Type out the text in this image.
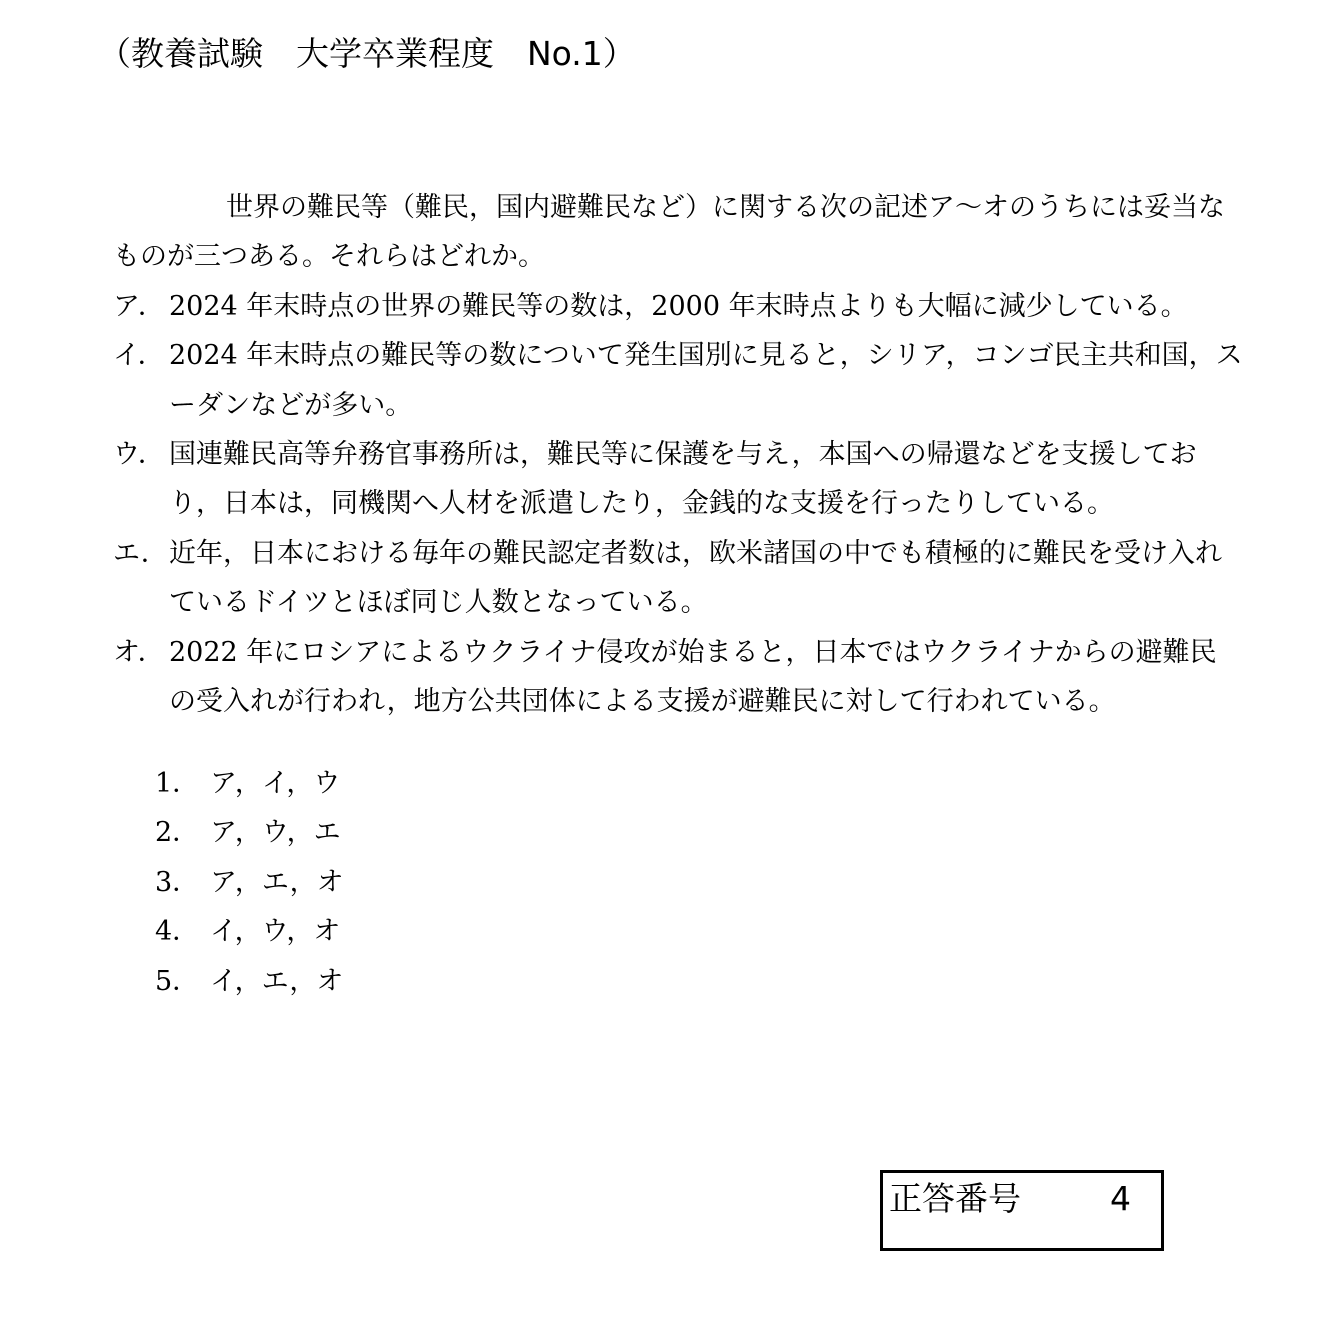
（教養試験　大学卒業程度　No.1）

世界の難民等（難民，国内避難民など）に関する次の記述ア～オのうちには妥当なものが三つある。それらはどれか。

ア． 2024 年末時点の世界の難民等の数は，2000 年末時点よりも大幅に減少している。
イ． 2024 年末時点の難民等の数について発生国別に見ると，シリア，コンゴ民主共和国，スーダンなどが多い。
ウ． 国連難民高等弁務官事務所は，難民等に保護を与え，本国への帰還などを支援しており，日本は，同機関へ人材を派遣したり，金銭的な支援を行ったりしている。
エ． 近年，日本における毎年の難民認定者数は，欧米諸国の中でも積極的に難民を受け入れているドイツとほぼ同じ人数となっている。
オ． 2022 年にロシアによるウクライナ侵攻が始まると，日本ではウクライナからの避難民の受入れが行われ，地方公共団体による支援が避難民に対して行われている。
1． ア，イ，ウ
2． ア，ウ，エ
3． ア，エ，オ
4． イ，ウ，オ
5． イ，エ，オ
正答番号	4
